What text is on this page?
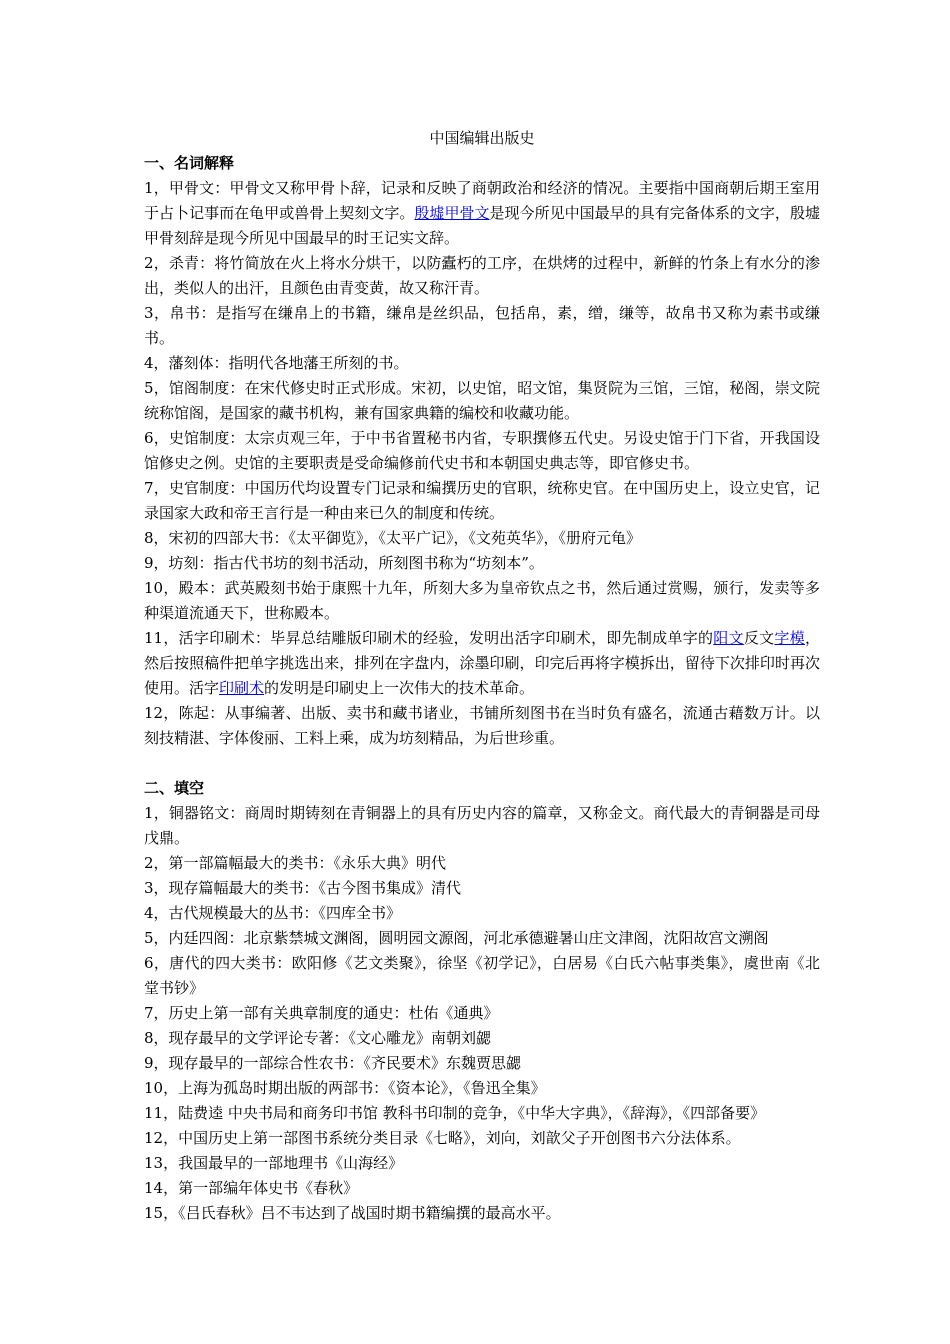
中国编辑出版史
一、名词解释

1，甲骨文：甲骨文又称甲骨卜辞，记录和反映了商朝政治和经济的情况。主要指中国商朝后期王室用于占卜记事而在龟甲或兽骨上契刻文字。殷墟甲骨文是现今所见中国最早的具有完备体系的文字，殷墟甲骨刻辞是现今所见中国最早的时王记实文辞。

2，杀青：将竹简放在火上将水分烘干，以防蠹朽的工序，在烘烤的过程中，新鲜的竹条上有水分的渗出，类似人的出汗，且颜色由青变黄，故又称汗青。

3，帛书：是指写在缣帛上的书籍，缣帛是丝织品，包括帛，素，缯，缣等，故帛书又称为素书或缣书。

4，藩刻体：指明代各地藩王所刻的书。

5，馆阁制度：在宋代修史时正式形成。宋初，以史馆，昭文馆，集贤院为三馆，三馆，秘阁，崇文院统称馆阁，是国家的藏书机构，兼有国家典籍的编校和收藏功能。

6，史馆制度：太宗贞观三年，于中书省置秘书内省，专职撰修五代史。另设史馆于门下省，开我国设馆修史之例。史馆的主要职责是受命编修前代史书和本朝国史典志等，即官修史书。

7，史官制度：中国历代均设置专门记录和编撰历史的官职，统称史官。在中国历史上，设立史官，记录国家大政和帝王言行是一种由来已久的制度和传统。

8，宋初的四部大书：《太平御览》，《太平广记》，《文苑英华》，《册府元龟》

9，坊刻：指古代书坊的刻书活动，所刻图书称为“坊刻本”。

10，殿本：武英殿刻书始于康熙十九年，所刻大多为皇帝钦点之书，然后通过赏赐，颁行，发卖等多种渠道流通天下，世称殿本。

11，活字印刷术：毕昇总结雕版印刷术的经验，发明出活字印刷术，即先制成单字的阳文反文字模，然后按照稿件把单字挑选出来，排列在字盘内，涂墨印刷，印完后再将字模拆出，留待下次排印时再次使用。活字印刷术的发明是印刷史上一次伟大的技术革命。

12，陈起：从事编著、出版、卖书和藏书诸业，书铺所刻图书在当时负有盛名，流通古藉数万计。以刻技精湛、字体俊丽、工料上乘，成为坊刻精品，为后世珍重。

二、填空

1，铜器铭文：商周时期铸刻在青铜器上的具有历史内容的篇章，又称金文。商代最大的青铜器是司母戊鼎。

2，第一部篇幅最大的类书：《永乐大典》明代

3，现存篇幅最大的类书：《古今图书集成》清代

4，古代规模最大的丛书：《四库全书》

5，内廷四阁：北京紫禁城文渊阁，圆明园文源阁，河北承德避暑山庄文津阁，沈阳故宫文溯阁

6，唐代的四大类书：欧阳修《艺文类聚》，徐坚《初学记》，白居易《白氏六帖事类集》，虞世南《北堂书钞》

7，历史上第一部有关典章制度的通史：杜佑《通典》

8，现存最早的文学评论专著：《文心雕龙》南朝刘勰

9，现存最早的一部综合性农书：《齐民要术》东魏贾思勰

10，上海为孤岛时期出版的两部书：《资本论》，《鲁迅全集》

11，陆费逵 中央书局和商务印书馆 教科书印制的竞争，《中华大字典》，《辞海》，《四部备要》

12，中国历史上第一部图书系统分类目录《七略》，刘向，刘歆父子开创图书六分法体系。

13，我国最早的一部地理书《山海经》

14，第一部编年体史书《春秋》

15，《吕氏春秋》吕不韦达到了战国时期书籍编撰的最高水平。
